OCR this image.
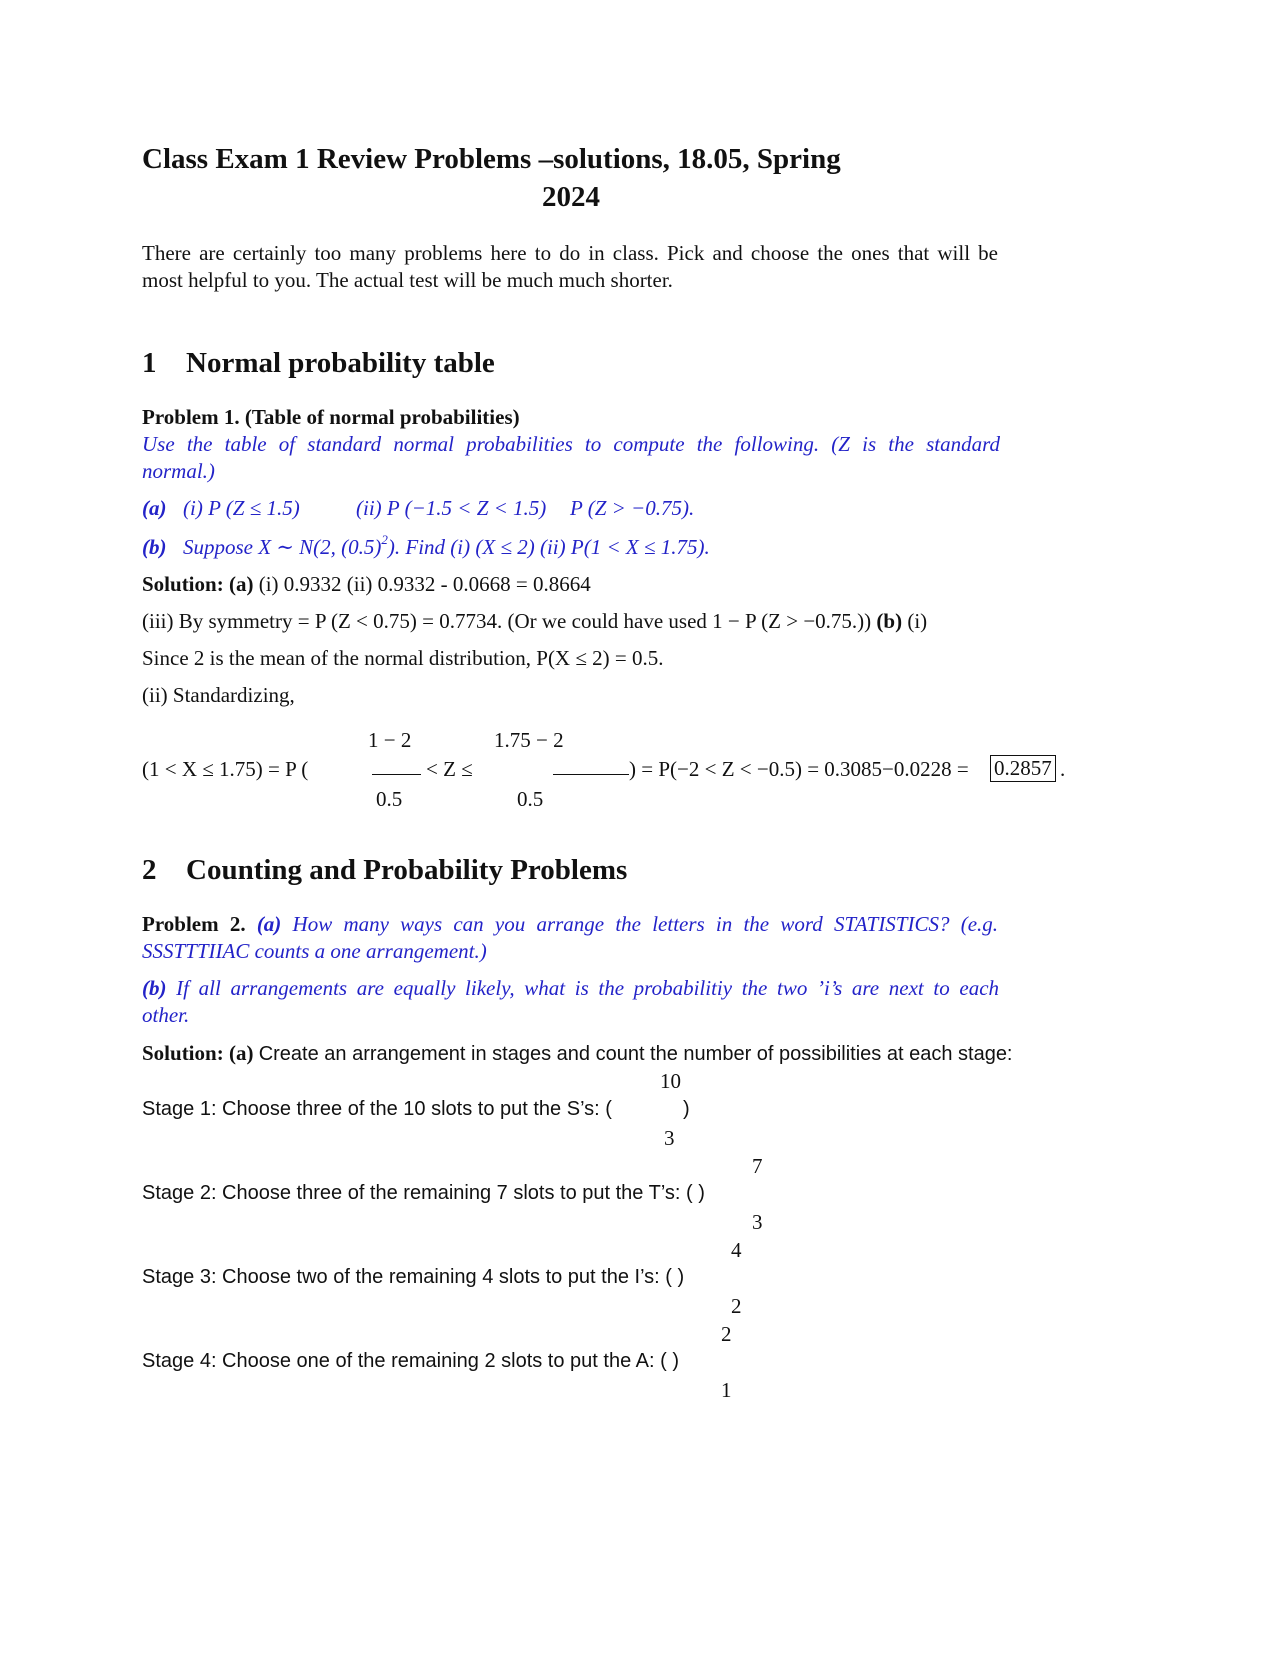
Class Exam 1 Review Problems –solutions, 18.05, Spring
2024
There are certainly too many problems here to do in class. Pick and choose the ones that will be
most helpful to you. The actual test will be much much shorter.
1 Normal probability table
Problem 1. (Table of normal probabilities)
Use the table of standard normal probabilities to compute the following. (Z is the standard
normal.)
(a) (i) P (Z ≤ 1.5)	(ii) P (−1.5 < Z < 1.5) P (Z > −0.75).
(b) Suppose X ∼ N(2, $(0.5)^2$). Find (i) (X ≤ 2) (ii) P(1 < X ≤ 1.75).
Solution: (a) (i) 0.9332 (ii) 0.9332 - 0.0668 = 0.8664
(iii) By symmetry = P (Z < 0.75) = 0.7734. (Or we could have used 1 − P (Z > −0.75.)) (b) (i)
Since 2 is the mean of the normal distribution, P(X ≤ 2) = 0.5.
(ii) Standardizing,
(1 < X ≤ 1.75) = P (
1 − 2
0.5
< Z ≤
1.75 − 2
0.5
) = P(−2 < Z < −0.5) = 0.3085−0.0228 = 0.2857 .
2 Counting and Probability Problems
Problem 2. (a) How many ways can you arrange the letters in the word STATISTICS? (e.g.
SSSTTTIIAC counts a one arrangement.)
(b) If all arrangements are equally likely, what is the probabilitiy the two ’i’s are next to each
other.
Solution: (a) Create an arrangement in stages and count the number of possibilities at each stage:
10
Stage 1: Choose three of the 10 slots to put the S’s: (	)
3
7
Stage 2: Choose three of the remaining 7 slots to put the T’s: ( )
3
4
Stage 3: Choose two of the remaining 4 slots to put the I’s: ( )
2
2
Stage 4: Choose one of the remaining 2 slots to put the A: ( )
1
